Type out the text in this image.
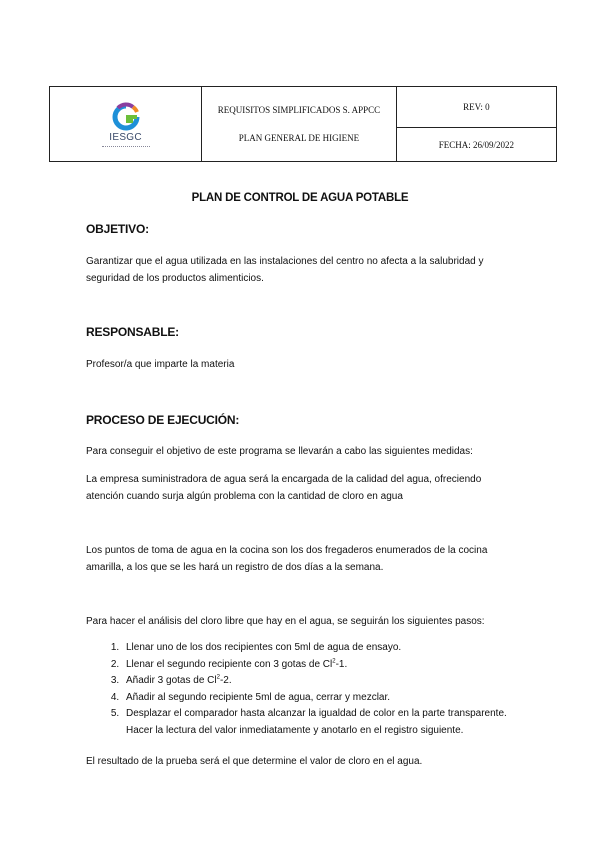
IESGC

REQUISITOS SIMPLIFICADOS S. APPCC
PLAN GENERAL DE HIGIENE
	REV: 0
FECHA: 26/09/2022
PLAN DE CONTROL DE AGUA POTABLE
OBJETIVO:
Garantizar que el agua utilizada en las instalaciones del centro no afecta a la salubridad y
seguridad de los productos alimenticios.
RESPONSABLE:
Profesor/a que imparte la materia
PROCESO DE EJECUCIÓN:
Para conseguir el objetivo de este programa se llevarán a cabo las siguientes medidas:
La empresa suministradora de agua será la encargada de la calidad del agua, ofreciendo
atención cuando surja algún problema con la cantidad de cloro en agua
Los puntos de toma de agua en la cocina son los dos fregaderos enumerados de la cocina
amarilla, a los que se les hará un registro de dos días a la semana.
Para hacer el análisis del cloro libre que hay en el agua, se seguirán los siguientes pasos:
1. Llenar uno de los dos recipientes con 5ml de agua de ensayo.
2. Llenar el segundo recipiente con 3 gotas de Cl$^2$-1.
3. Añadir 3 gotas de Cl$^2$-2.
4. Añadir al segundo recipiente 5ml de agua, cerrar y mezclar.
5. Desplazar el comparador hasta alcanzar la igualdad de color en la parte transparente.
Hacer la lectura del valor inmediatamente y anotarlo en el registro siguiente.
El resultado de la prueba será el que determine el valor de cloro en el agua.
